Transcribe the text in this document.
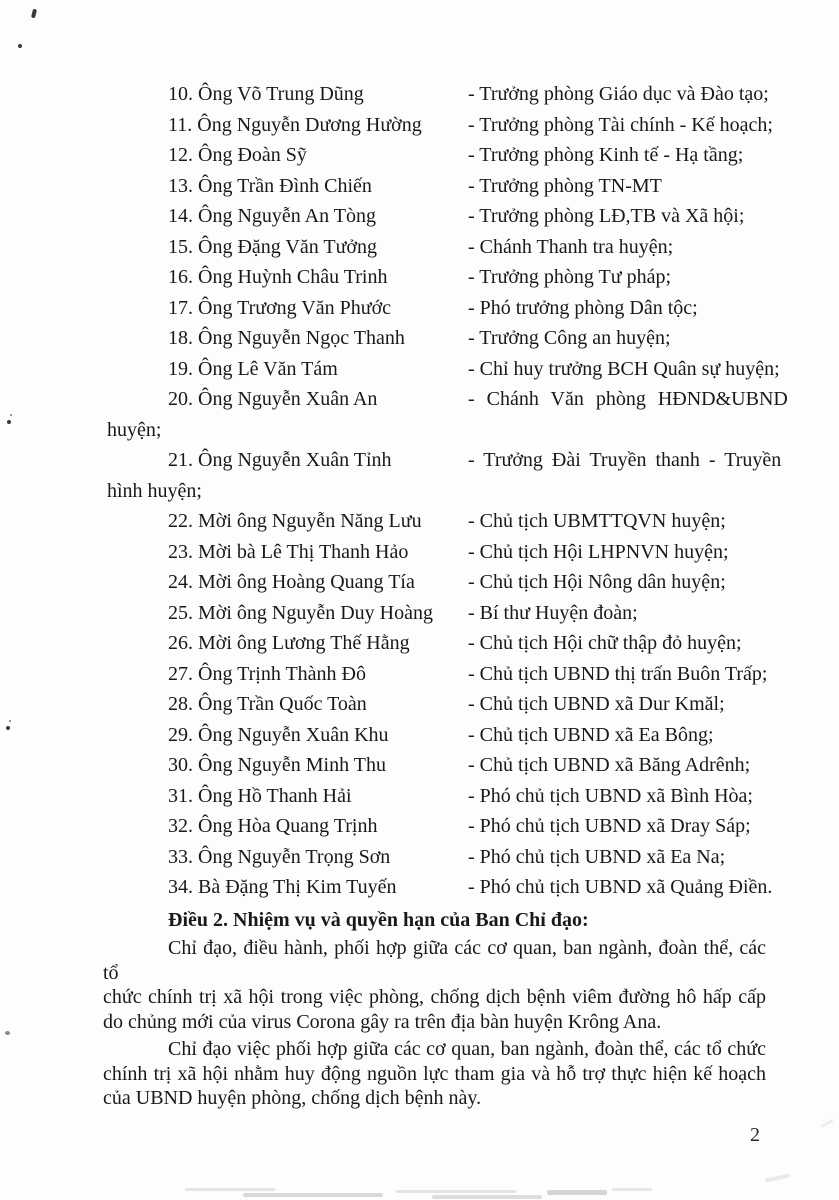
10. Ông Võ Trung Dũng	- Trưởng phòng Giáo dục và Đào tạo;
11. Ông Nguyễn Dương Hường - Trưởng phòng Tài chính - Kế hoạch;
12. Ông Đoàn Sỹ	- Trưởng phòng Kinh tế - Hạ tầng;
13. Ông Trần Đình Chiến	- Trưởng phòng TN-MT
14. Ông Nguyễn An Tòng	- Trưởng phòng LĐ,TB và Xã hội;
15. Ông Đặng Văn Tưởng	- Chánh Thanh tra huyện;
16. Ông Huỳnh Châu Trinh	- Trưởng phòng Tư pháp;
17. Ông Trương Văn Phước	- Phó trưởng phòng Dân tộc;
18. Ông Nguyễn Ngọc Thanh	- Trưởng Công an huyện;
19. Ông Lê Văn Tám	- Chỉ huy trưởng BCH Quân sự huyện;
20. Ông Nguyễn Xuân An	- Chánh Văn phòng HĐND&UBND
huyện;
21. Ông Nguyễn Xuân Tỉnh	- Trưởng Đài Truyền thanh - Truyền
hình huyện;
22. Mời ông Nguyễn Năng Lưu - Chủ tịch UBMTTQVN huyện;
23. Mời bà Lê Thị Thanh Hảo	- Chủ tịch Hội LHPNVN huyện;
24. Mời ông Hoàng Quang Tía	- Chủ tịch Hội Nông dân huyện;
25. Mời ông Nguyễn Duy Hoàng - Bí thư Huyện đoàn;
26. Mời ông Lương Thế Hằng	- Chủ tịch Hội chữ thập đỏ huyện;
27. Ông Trịnh Thành Đô	- Chủ tịch UBND thị trấn Buôn Trấp;
28. Ông Trần Quốc Toàn	- Chủ tịch UBND xã Dur Kmăl;
29. Ông Nguyễn Xuân Khu	- Chủ tịch UBND xã Ea Bông;
30. Ông Nguyễn Minh Thu	- Chủ tịch UBND xã Băng Adrênh;
31. Ông Hồ Thanh Hải	- Phó chủ tịch UBND xã Bình Hòa;
32. Ông Hòa Quang Trịnh	- Phó chủ tịch UBND xã Dray Sáp;
33. Ông Nguyễn Trọng Sơn	- Phó chủ tịch UBND xã Ea Na;
34. Bà Đặng Thị Kim Tuyến	- Phó chủ tịch UBND xã Quảng Điền.
Điều 2. Nhiệm vụ và quyền hạn của Ban Chỉ đạo:
Chỉ đạo, điều hành, phối hợp giữa các cơ quan, ban ngành, đoàn thể, các tổ
chức chính trị xã hội trong việc phòng, chống dịch bệnh viêm đường hô hấp cấp
do chủng mới của virus Corona gây ra trên địa bàn huyện Krông Ana.
Chỉ đạo việc phối hợp giữa các cơ quan, ban ngành, đoàn thể, các tổ chức
chính trị xã hội nhằm huy động nguồn lực tham gia và hỗ trợ thực hiện kế hoạch
của UBND huyện phòng, chống dịch bệnh này.
2
